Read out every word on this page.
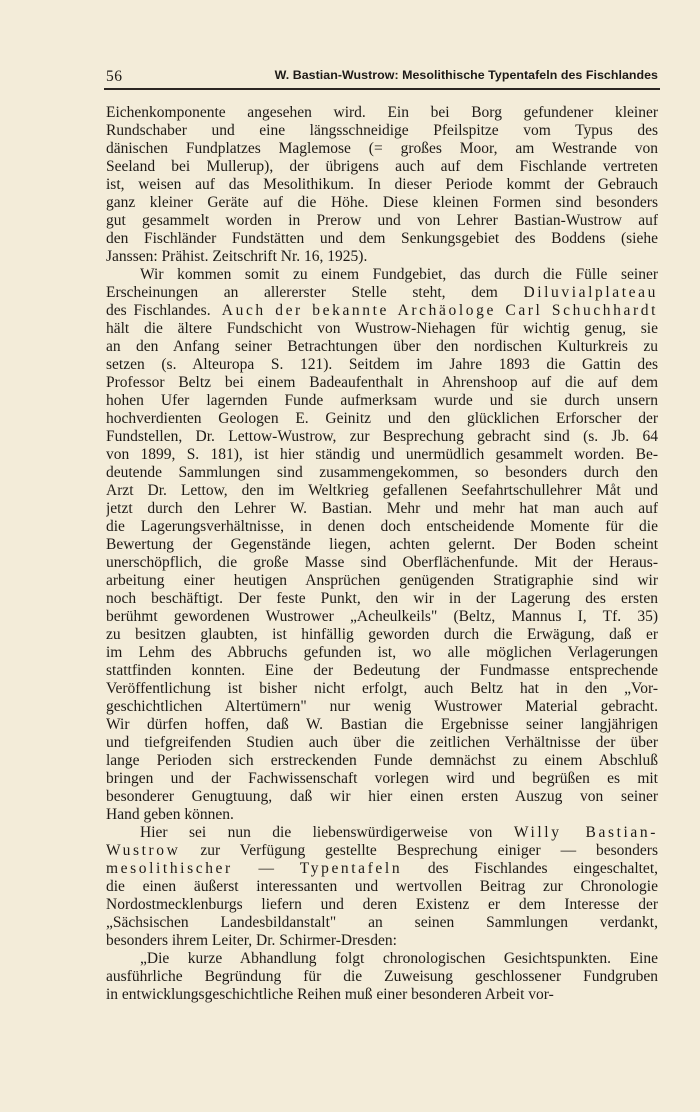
56	W. Bastian-Wustrow: Mesolithische Typentafeln des Fischlandes
Eichenkomponente angesehen wird. Ein bei Borg gefundener kleiner
Rundschaber und eine längsschneidige Pfeilspitze vom Typus des
dänischen Fundplatzes Maglemose (= großes Moor, am Westrande von
Seeland bei Mullerup), der übrigens auch auf dem Fischlande vertreten
ist, weisen auf das Mesolithikum. In dieser Periode kommt der Gebrauch
ganz kleiner Geräte auf die Höhe. Diese kleinen Formen sind besonders
gut gesammelt worden in Prerow und von Lehrer Bastian-Wustrow auf
den Fischländer Fundstätten und dem Senkungsgebiet des Boddens (siehe
Janssen: Prähist. Zeitschrift Nr. 16, 1925).
Wir kommen somit zu einem Fundgebiet, das durch die Fülle seiner
Erscheinungen an allererster Stelle steht, dem Diluvialplateau
des Fischlandes. Auch der bekannte Archäologe Carl Schuchhardt
hält die ältere Fundschicht von Wustrow-Niehagen für wichtig genug, sie
an den Anfang seiner Betrachtungen über den nordischen Kulturkreis zu
setzen (s. Alteuropa S. 121). Seitdem im Jahre 1893 die Gattin des
Professor Beltz bei einem Badeaufenthalt in Ahrenshoop auf die auf dem
hohen Ufer lagernden Funde aufmerksam wurde und sie durch unsern
hochverdienten Geologen E. Geinitz und den glücklichen Erforscher der
Fundstellen, Dr. Lettow-Wustrow, zur Besprechung gebracht sind (s. Jb. 64
von 1899, S. 181), ist hier ständig und unermüdlich gesammelt worden. Be-
deutende Sammlungen sind zusammengekommen, so besonders durch den
Arzt Dr. Lettow, den im Weltkrieg gefallenen Seefahrtschullehrer Måt und
jetzt durch den Lehrer W. Bastian. Mehr und mehr hat man auch auf
die Lagerungsverhältnisse, in denen doch entscheidende Momente für die
Bewertung der Gegenstände liegen, achten gelernt. Der Boden scheint
unerschöpflich, die große Masse sind Oberflächenfunde. Mit der Heraus-
arbeitung einer heutigen Ansprüchen genügenden Stratigraphie sind wir
noch beschäftigt. Der feste Punkt, den wir in der Lagerung des ersten
berühmt gewordenen Wustrower „Acheulkeils" (Beltz, Mannus I, Tf. 35)
zu besitzen glaubten, ist hinfällig geworden durch die Erwägung, daß er
im Lehm des Abbruchs gefunden ist, wo alle möglichen Verlagerungen
stattfinden konnten. Eine der Bedeutung der Fundmasse entsprechende
Veröffentlichung ist bisher nicht erfolgt, auch Beltz hat in den „Vor-
geschichtlichen Altertümern" nur wenig Wustrower Material gebracht.
Wir dürfen hoffen, daß W. Bastian die Ergebnisse seiner langjährigen
und tiefgreifenden Studien auch über die zeitlichen Verhältnisse der über
lange Perioden sich erstreckenden Funde demnächst zu einem Abschluß
bringen und der Fachwissenschaft vorlegen wird und begrüßen es mit
besonderer Genugtuung, daß wir hier einen ersten Auszug von seiner
Hand geben können.
Hier sei nun die liebenswürdigerweise von Willy Bastian-
Wustrow zur Verfügung gestellte Besprechung einiger — besonders
mesolithischer — Typentafeln des Fischlandes eingeschaltet,
die einen äußerst interessanten und wertvollen Beitrag zur Chronologie
Nordostmecklenburgs liefern und deren Existenz er dem Interesse der
„Sächsischen Landesbildanstalt" an seinen Sammlungen verdankt,
besonders ihrem Leiter, Dr. Schirmer-Dresden:
„Die kurze Abhandlung folgt chronologischen Gesichtspunkten. Eine
ausführliche Begründung für die Zuweisung geschlossener Fundgruben
in entwicklungsgeschichtliche Reihen muß einer besonderen Arbeit vor-
